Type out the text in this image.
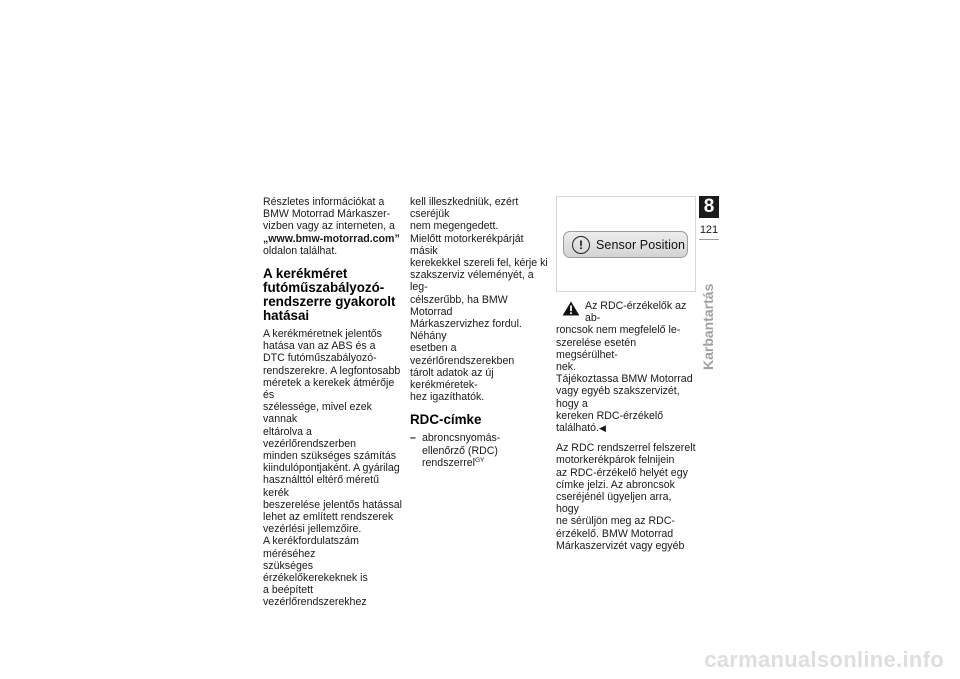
Részletes információkat a

BMW Motorrad Márkaszer-

vizben vagy az interneten, a

„www.bmw-motorrad.com”

oldalon találhat.

A kerékméret
futóműszabályozó-
rendszerre gyakorolt
hatásai

A kerékméretnek jelentős

hatása van az ABS és a

DTC futóműszabályozó-

rendszerekre. A legfontosabb

méretek a kerekek átmérője és

szélessége, mivel ezek vannak

eltárolva a vezérlőrendszerben

minden szükséges számítás

kiindulópontjaként. A gyárilag

használttól eltérő méretű kerék

beszerelése jelentős hatással

lehet az említett rendszerek

vezérlési jellemzőire.

A kerékfordulatszám méréséhez

szükséges érzékelőkerekeknek is

a beépített vezérlőrendszerekhez

kell illeszkedniük, ezért cseréjük

nem megengedett.

Mielőtt motorkerékpárját másik

kerekekkel szereli fel, kérje ki

szakszerviz véleményét, a leg-

célszerűbb, ha BMW Motorrad

Márkaszervizhez fordul. Néhány

esetben a vezérlőrendszerekben

tárolt adatok az új kerékméretek-

hez igazíthatók.

RDC-címke
– abroncsnyomás-
ellenőrző (RDC) rendszerrel$^{GY}$
!	Sensor Position

Az RDC-érzékelők az ab-

roncsok nem megfelelő le-

szerelése esetén megsérülhet-

nek.

Tájékoztassa BMW Motorrad

vagy egyéb szakszervizét, hogy a

kereken RDC-érzékelő található.◀

Az RDC rendszerrel felszerelt

motorkerékpárok felnijein

az RDC-érzékelő helyét egy

címke jelzi. Az abroncsok

cseréjénél ügyeljen arra, hogy

ne sérüljön meg az RDC-

érzékelő. BMW Motorrad

Márkaszervizét vagy egyéb

8
121
Karbantartás
carmanualsonline.info
